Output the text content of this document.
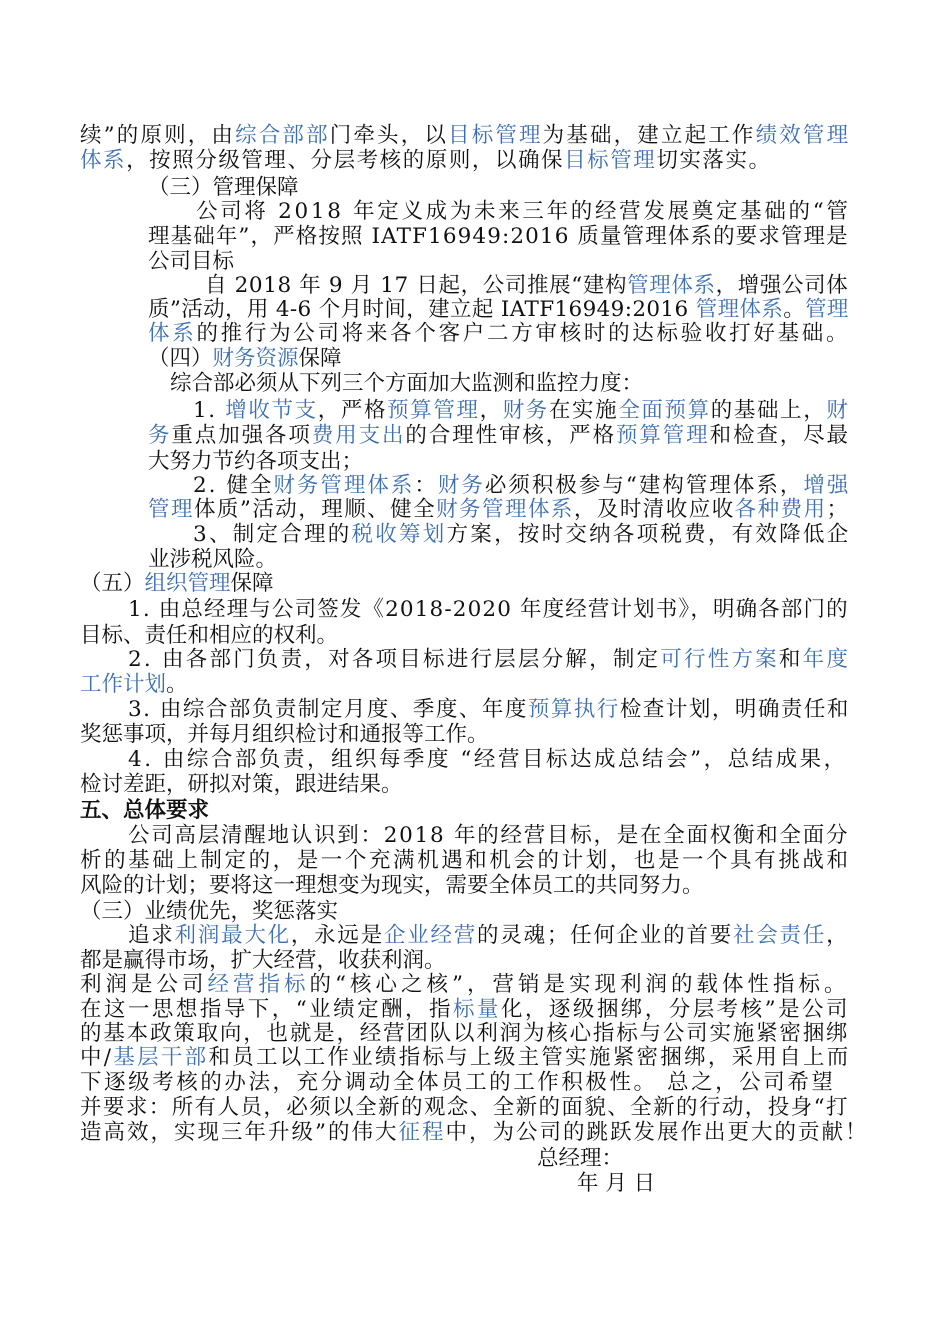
续”的原则，由综合部部门牵头，以目标管理为基础，建立起工作绩效管理
体系，按照分级管理、分层考核的原则，以确保目标管理切实落实。
（三）管理保障
公司将 2018 年定义成为未来三年的经营发展奠定基础的“管
理基础年”，严格按照 IATF16949:2016 质量管理体系的要求管理是
公司目标
自 2018 年 9 月 17 日起，公司推展“建构管理体系，增强公司体
质”活动，用 4-6 个月时间，建立起 IATF16949:2016 管理体系。管理
体系的推行为公司将来各个客户二方审核时的达标验收打好基础。
（四）财务资源保障
综合部必须从下列三个方面加大监测和监控力度：
1. 增收节支，严格预算管理，财务在实施全面预算的基础上，财
务重点加强各项费用支出的合理性审核，严格预算管理和检查，尽最
大努力节约各项支出；
2. 健全财务管理体系：财务必须积极参与“建构管理体系，增强
管理体质”活动，理顺、健全财务管理体系，及时清收应收各种费用；
3、制定合理的税收筹划方案，按时交纳各项税费，有效降低企
业涉税风险。
（五）组织管理保障
1. 由总经理与公司签发《2018-2020 年度经营计划书》，明确各部门的
目标、责任和相应的权利。
2. 由各部门负责，对各项目标进行层层分解，制定可行性方案和年度
工作计划。
3. 由综合部负责制定月度、季度、年度预算执行检查计划，明确责任和
奖惩事项，并每月组织检讨和通报等工作。
4. 由综合部负责，组织每季度 “经营目标达成总结会”，总结成果，
检讨差距，研拟对策，跟进结果。
五、总体要求
公司高层清醒地认识到：2018 年的经营目标，是在全面权衡和全面分
析的基础上制定的，是一个充满机遇和机会的计划，也是一个具有挑战和
风险的计划；要将这一理想变为现实，需要全体员工的共同努力。
（三）业绩优先，奖惩落实
追求利润最大化，永远是企业经营的灵魂；任何企业的首要社会责任，
都是赢得市场，扩大经营，收获利润。
利润是公司经营指标的“核心之核”，营销是实现利润的载体性指标。
在这一思想指导下，“业绩定酬，指标量化，逐级捆绑，分层考核”是公司
的基本政策取向，也就是，经营团队以利润为核心指标与公司实施紧密捆绑
中/基层干部和员工以工作业绩指标与上级主管实施紧密捆绑，采用自上而
下逐级考核的办法，充分调动全体员工的工作积极性。 总之，公司希望
并要求：所有人员，必须以全新的观念、全新的面貌、全新的行动，投身“打
造高效，实现三年升级”的伟大征程中，为公司的跳跃发展作出更大的贡献！
总经理：
年 月 日
